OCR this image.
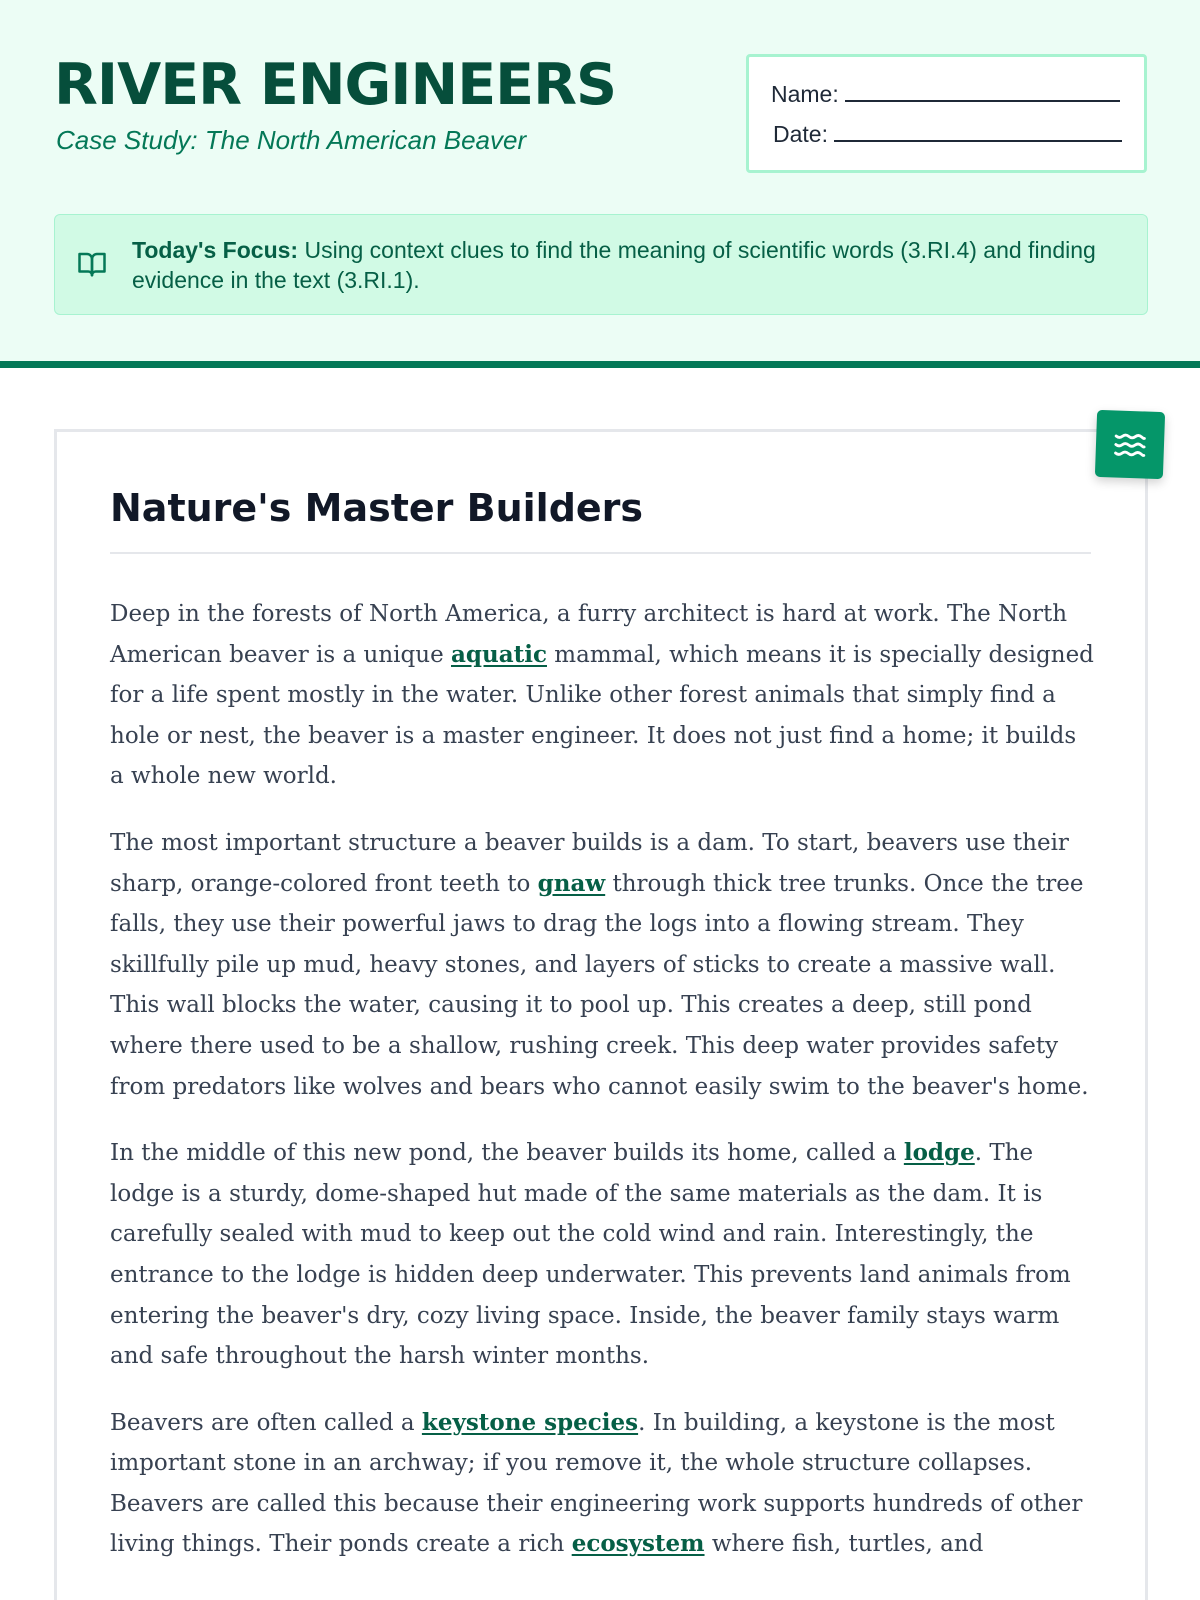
RIVER ENGINEERS
Case Study: The North American Beaver
Name:
Date:
Today's Focus: Using context clues to find the meaning of scientific words (3.RI.4) and finding evidence in the text (3.RI.1).
Nature's Master Builders

Deep in the forests of North America, a furry architect is hard at work. The North American beaver is a unique aquatic mammal, which means it is specially designed for a life spent mostly in the water. Unlike other forest animals that simply find a hole or nest, the beaver is a master engineer. It does not just find a home; it builds a whole new world.

The most important structure a beaver builds is a dam. To start, beavers use their sharp, orange-colored front teeth to gnaw through thick tree trunks. Once the tree falls, they use their powerful jaws to drag the logs into a flowing stream. They skillfully pile up mud, heavy stones, and layers of sticks to create a massive wall. This wall blocks the water, causing it to pool up. This creates a deep, still pond where there used to be a shallow, rushing creek. This deep water provides safety from predators like wolves and bears who cannot easily swim to the beaver's home.

In the middle of this new pond, the beaver builds its home, called a lodge. The lodge is a sturdy, dome-shaped hut made of the same materials as the dam. It is carefully sealed with mud to keep out the cold wind and rain. Interestingly, the entrance to the lodge is hidden deep underwater. This prevents land animals from entering the beaver's dry, cozy living space. Inside, the beaver family stays warm and safe throughout the harsh winter months.

Beavers are often called a keystone species. In building, a keystone is the most important stone in an archway; if you remove it, the whole structure collapses. Beavers are called this because their engineering work supports hundreds of other living things. Their ponds create a rich ecosystem where fish, turtles, and
